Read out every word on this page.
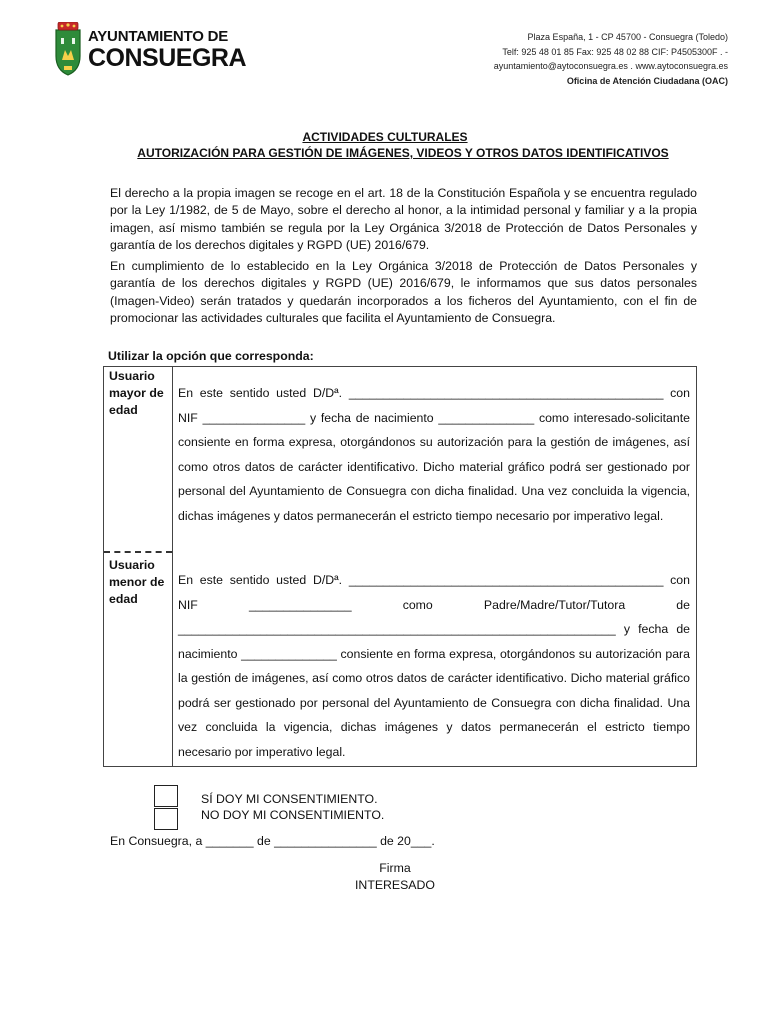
AYUNTAMIENTO DE
CONSUEGRA
Plaza España, 1 - CP 45700 - Consuegra (Toledo)
Telf: 925 48 01 85 Fax: 925 48 02 88 CIF: P4505300F . -
ayuntamiento@aytoconsuegra.es . www.aytoconsuegra.es
Oficina de Atención Ciudadana (OAC)
ACTIVIDADES CULTURALES
AUTORIZACIÓN PARA GESTIÓN DE IMÁGENES, VIDEOS Y OTROS DATOS IDENTIFICATIVOS
El derecho a la propia imagen se recoge en el art. 18 de la Constitución Española y se encuentra regulado por la Ley 1/1982, de 5 de Mayo, sobre el derecho al honor, a la intimidad personal y familiar y a la propia imagen, así mismo también se regula por la Ley Orgánica 3/2018 de Protección de Datos Personales y garantía de los derechos digitales y RGPD (UE) 2016/679.
En cumplimiento de lo establecido en la Ley Orgánica 3/2018 de Protección de Datos Personales y garantía de los derechos digitales y RGPD (UE) 2016/679, le informamos que sus datos personales (Imagen-Video) serán tratados y quedarán incorporados a los ficheros del Ayuntamiento, con el fin de promocionar las actividades culturales que facilita el Ayuntamiento de Consuegra.
Utilizar la opción que corresponda:
Usuario mayor de edad
En este sentido usted D/Dª. ______________________________________________ con NIF _______________ y fecha de nacimiento ______________ como interesado-solicitante consiente en forma expresa, otorgándonos su autorización para la gestión de imágenes, así como otros datos de carácter identificativo. Dicho material gráfico podrá ser gestionado por personal del Ayuntamiento de Consuegra con dicha finalidad. Una vez concluida la vigencia, dichas imágenes y datos permanecerán el estricto tiempo necesario por imperativo legal.
Usuario menor de edad
En este sentido usted D/Dª. ______________________________________________ con NIF _______________ como Padre/Madre/Tutor/Tutora de ________________________________________________________________ y fecha de nacimiento ______________ consiente en forma expresa, otorgándonos su autorización para la gestión de imágenes, así como otros datos de carácter identificativo. Dicho material gráfico podrá ser gestionado por personal del Ayuntamiento de Consuegra con dicha finalidad. Una vez concluida la vigencia, dichas imágenes y datos permanecerán el estricto tiempo necesario por imperativo legal.
SÍ DOY MI CONSENTIMIENTO.
NO DOY MI CONSENTIMIENTO.
En Consuegra, a _______ de _______________ de 20___.
Firma
INTERESADO
